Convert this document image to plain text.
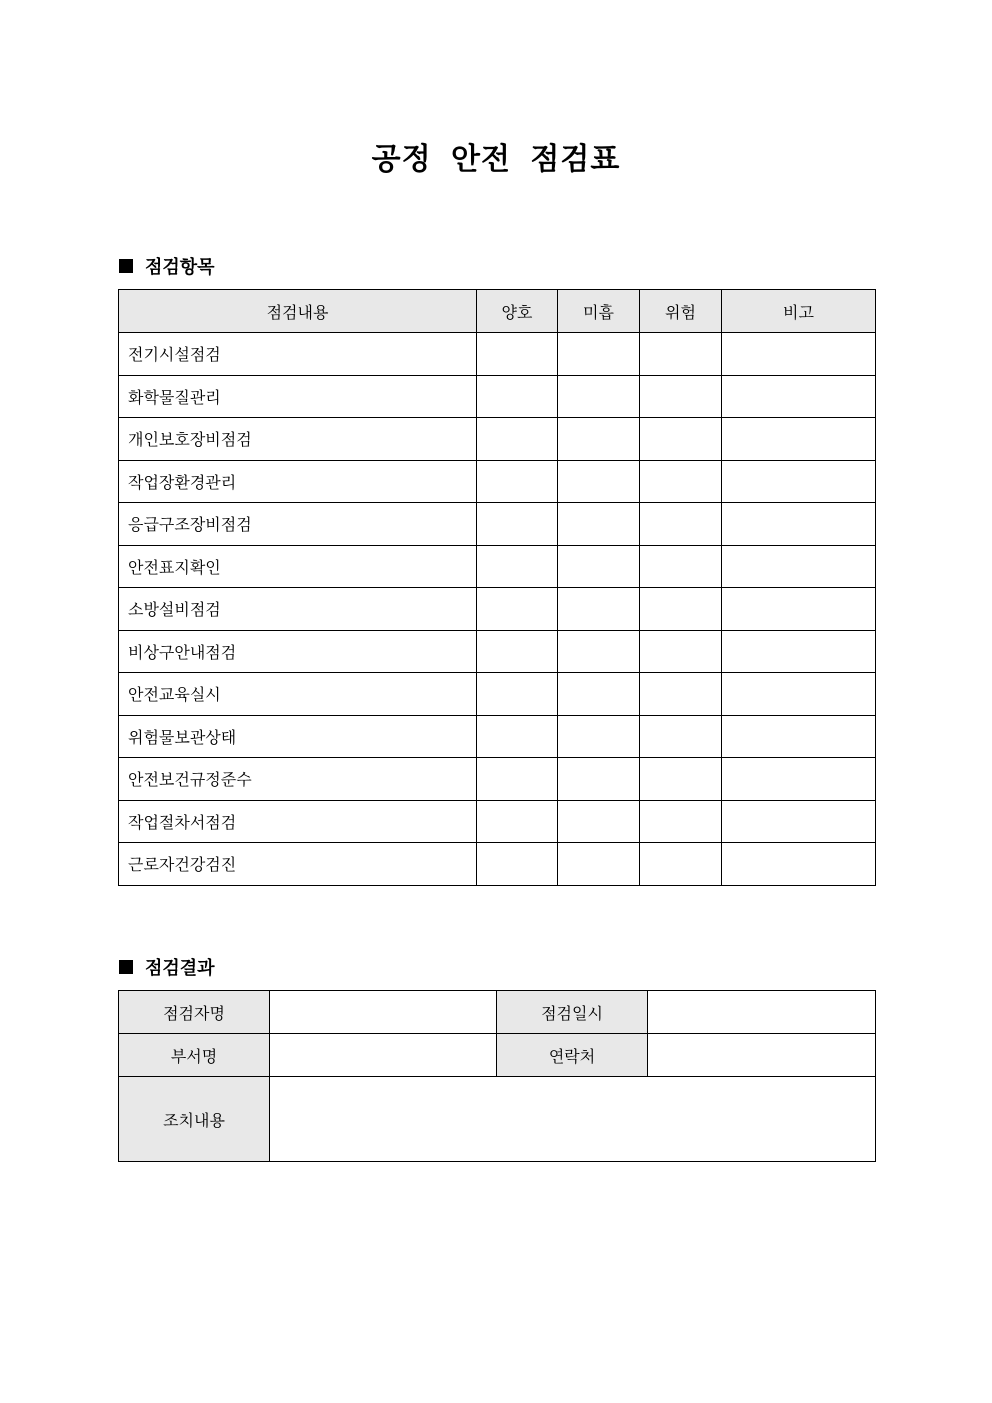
공정 안전 점검표
점검항목
점검내용	양호	미흡	위험	비고
전기시설점검				
화학물질관리				
개인보호장비점검				
작업장환경관리				
응급구조장비점검				
안전표지확인				
소방설비점검				
비상구안내점검				
안전교육실시				
위험물보관상태				
안전보건규정준수				
작업절차서점검				
근로자건강검진				
점검결과
점검자명		점검일시	
부서명		연락처	
조치내용			
